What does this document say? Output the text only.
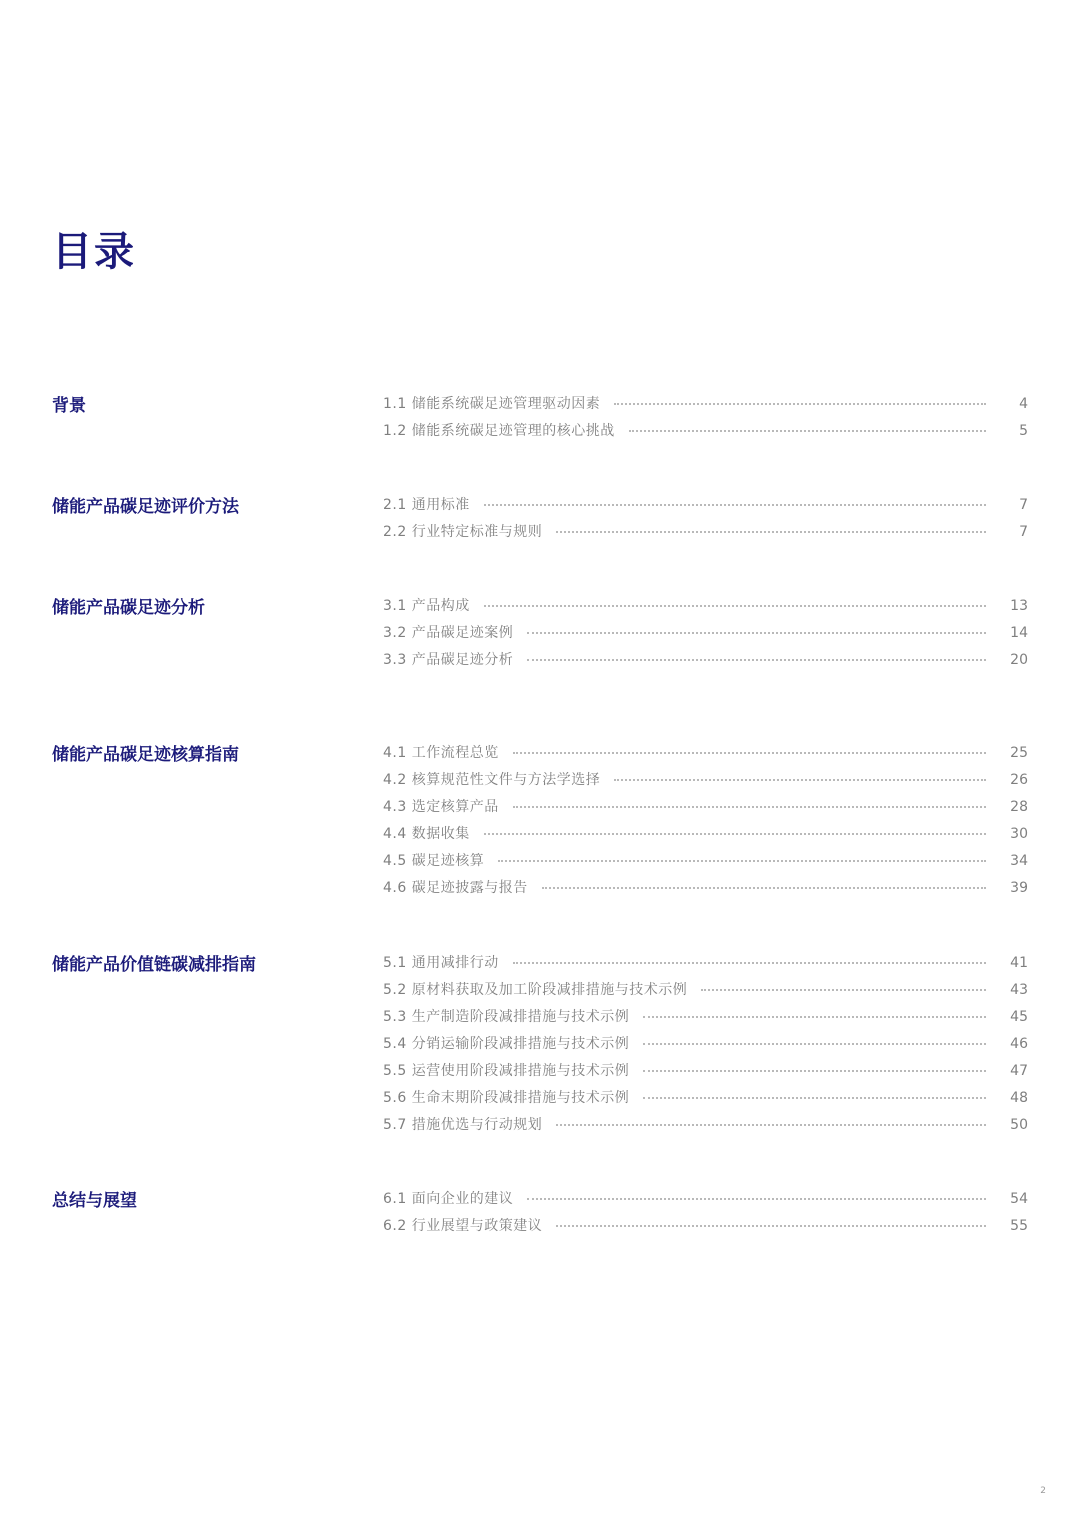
目录
背景	1.1 储能系统碳足迹管理驱动因素	4
1.2 储能系统碳足迹管理的核心挑战	5
储能产品碳足迹评价方法	2.1 通用标准	7
2.2 行业特定标准与规则	7
储能产品碳足迹分析	3.1 产品构成	13
3.2 产品碳足迹案例	14
3.3 产品碳足迹分析	20
储能产品碳足迹核算指南	4.1 工作流程总览	25
4.2 核算规范性文件与方法学选择	26
4.3 选定核算产品	28
4.4 数据收集	30
4.5 碳足迹核算	34
4.6 碳足迹披露与报告	39
储能产品价值链碳减排指南	5.1 通用减排行动	41
5.2 原材料获取及加工阶段减排措施与技术示例	43
5.3 生产制造阶段减排措施与技术示例	45
5.4 分销运输阶段减排措施与技术示例	46
5.5 运营使用阶段减排措施与技术示例	47
5.6 生命末期阶段减排措施与技术示例	48
5.7 措施优选与行动规划	50
总结与展望	6.1 面向企业的建议	54
6.2 行业展望与政策建议	55
2
